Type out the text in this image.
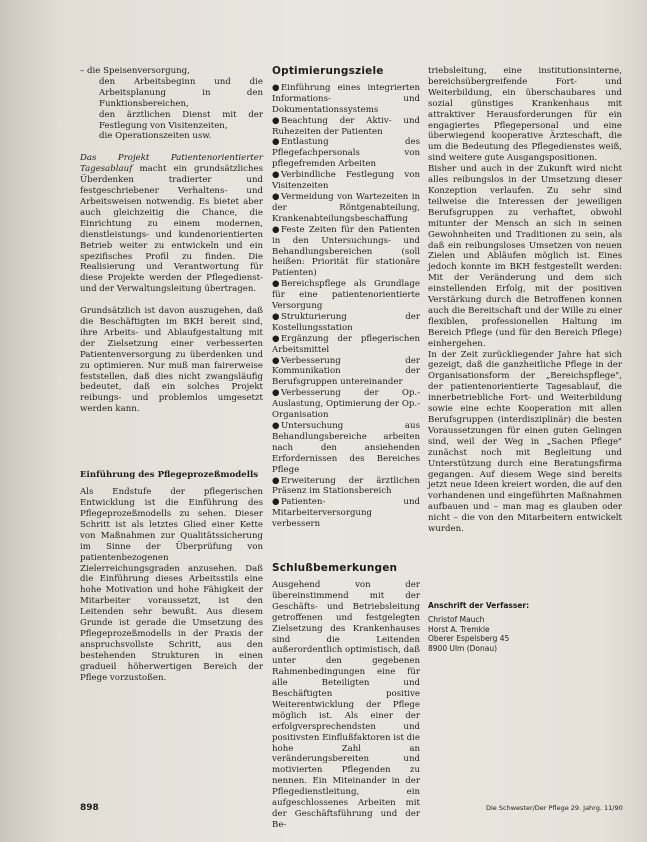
– die Speisenversorgung,

den Arbeitsbeginn und die Arbeitsplanung in den Funktionsbereichen,

den ärztlichen Dienst mit der Festlegung von Visitenzeiten,

die Operationszeiten usw.

Das Projekt Patientenorientierter Tagesablauf macht ein grundsätzliches Überdenken tradierter und festgeschriebener Verhaltens- und Arbeitsweisen notwendig. Es bietet aber auch gleichzeitig die Chance, die Einrichtung zu einem modernen, dienstleistungs- und kundenorientierten Betrieb weiter zu entwickeln und ein spezifisches Profil zu finden. Die Realisierung und Verantwortung für diese Projekte werden der Pflegedienst- und der Verwaltungsleitung übertragen.

Grundsätzlich ist davon auszugehen, daß die Beschäftigten im BKH bereit sind, ihre Arbeits- und Ablaufgestaltung mit der Zielsetzung einer verbesserten Patientenversorgung zu überdenken und zu optimieren. Nur muß man fairerweise feststellen, daß dies nicht zwangsläufig bedeutet, daß ein solches Projekt reibungs- und problemlos umgesetzt werden kann.

Einführung des Pflegeprozeßmodells

Als Endstufe der pflegerischen Entwicklung ist die Einführung des Pflegeprozeßmodells zu sehen. Dieser Schritt ist als letztes Glied einer Kette von Maßnahmen zur Qualitätssicherung im Sinne der Überprüfung von patientenbezogenen Zielerreichungsgraden anzusehen. Daß die Einführung dieses Arbeitsstils eine hohe Motivation und hohe Fähigkeit der Mitarbeiter voraussetzt, ist den Leitenden sehr bewußt. Aus diesem Grunde ist gerade die Umsetzung des Pflegeprozeßmodells in der Praxis der anspruchsvollste Schritt, aus den bestehenden Strukturen in einen gradueil höherwertigen Bereich der Pflege vorzustoßen.

Optimierungsziele

● Einführung eines integrierten Informations- und Dokumentationssystems

● Beachtung der Aktiv- und Ruhezeiten der Patienten

● Entlastung des Pflegefachpersonals von pflegefremden Arbeiten

● Verbindliche Festlegung von Visitenzeiten

● Vermeidung von Wartezeiten in der Röntgenabteilung, Krankenabteilungsbeschaffung

● Feste Zeiten für den Patienten in den Untersuchungs- und Behandlungsbereichen (soll heißen: Priorität für stationäre Patienten)

● Bereichspflege als Grundlage für eine patientenorientierte Versorgung

● Strukturierung der Kostellungsstation

● Ergänzung der pflegerischen Arbeitsmittel

● Verbesserung der Kommunikation der Berufsgruppen untereinander

● Verbesserung der Op.-Auslastung, Optimierung der Op.-Organisation

● Untersuchung aus Behandlungsbereiche arbeiten nach den ansiehenden Erfordernissen des Bereiches Pflege

● Erweiterung der ärztlichen Präsenz im Stationsbereich

● Patienten- und Mitarbeiterversorgung verbessern

Schlußbemerkungen

Ausgehend von der übereinstimmend mit der Geschäfts- und Betriebsleitung getroffenen und festgelegten Zielsetzung des Krankenhauses sind die Leitenden außerordentlich optimistisch, daß unter den gegebenen Rahmenbedingungen eine für alle Beteiligten und Beschäftigten positive Weiterentwicklung der Pflege möglich ist. Als einer der erfolgversprechendsten und positivsten Einflußfaktoren ist die hohe Zahl an veränderungsbereiten und motivierten Pflegenden zu nennen. Ein Miteinander in der Pflegedienstleitung, ein aufgeschlossenes Arbeiten mit der Geschäftsführung und der Be-

triebsleitung, eine institutionsinterne, bereichsübergreifende Fort- und Weiterbildung, ein überschaubares und sozial günstiges Krankenhaus mit attraktiver Herausforderungen für ein engagiertes Pflegepersonal und eine überwiegend kooperative Ärzteschaft, die um die Bedeutung des Pflegedienstes weiß, sind weitere gute Ausgangspositionen.

Bisher und auch in der Zukunft wird nicht alles reibungslos in der Umsetzung dieser Konzeption verlaufen. Zu sehr sind teilweise die Interessen der jeweiligen Berufsgruppen zu verhaftet, obwohl mitunter der Mensch an sich in seinen Gewohnheiten und Traditionen zu sein, als daß ein reibungsloses Umsetzen von neuen Zielen und Abläufen möglich ist. Eines jedoch konnte im BKH festgestellt werden: Mit der Veränderung und dem sich einstellenden Erfolg, mit der positiven Verstärkung durch die Betroffenen konnen auch die Bereitschaft und der Wille zu einer flexiblen, professionellen Haltung im Bereich Pflege (und für den Bereich Pflege) einhergehen.

In der Zeit zurückliegender Jahre hat sich gezeigt, daß die ganzheitliche Pflege in der Organisationsform der „Bereichspflege", der patientenorientierte Tagesablauf, die innerbetriebliche Fort- und Weiterbildung sowie eine echte Kooperation mit allen Berufsgruppen (interdisziplinär) die besten Voraussetzungen für einen guten Gelingen sind, weil der Weg in „Sachen Pflege" zunächst noch mit Begleitung und Unterstützung durch eine Beratungsfirma gegangen. Auf diesem Wege sind bereits jetzt neue Ideen kreiert worden, die auf den vorhandenen und eingeführten Maßnahmen aufbauen und – man mag es glauben oder nicht – die von den Mitarbeitern entwickelt wurden.

Anschrift der Verfasser:
Christof Mauch
Horst A. Tremkle
Oberer Espelsberg 45
8900 Ulm (Donau)
898	Die Schwester/Der Pflege 29. Jahrg. 11/90
